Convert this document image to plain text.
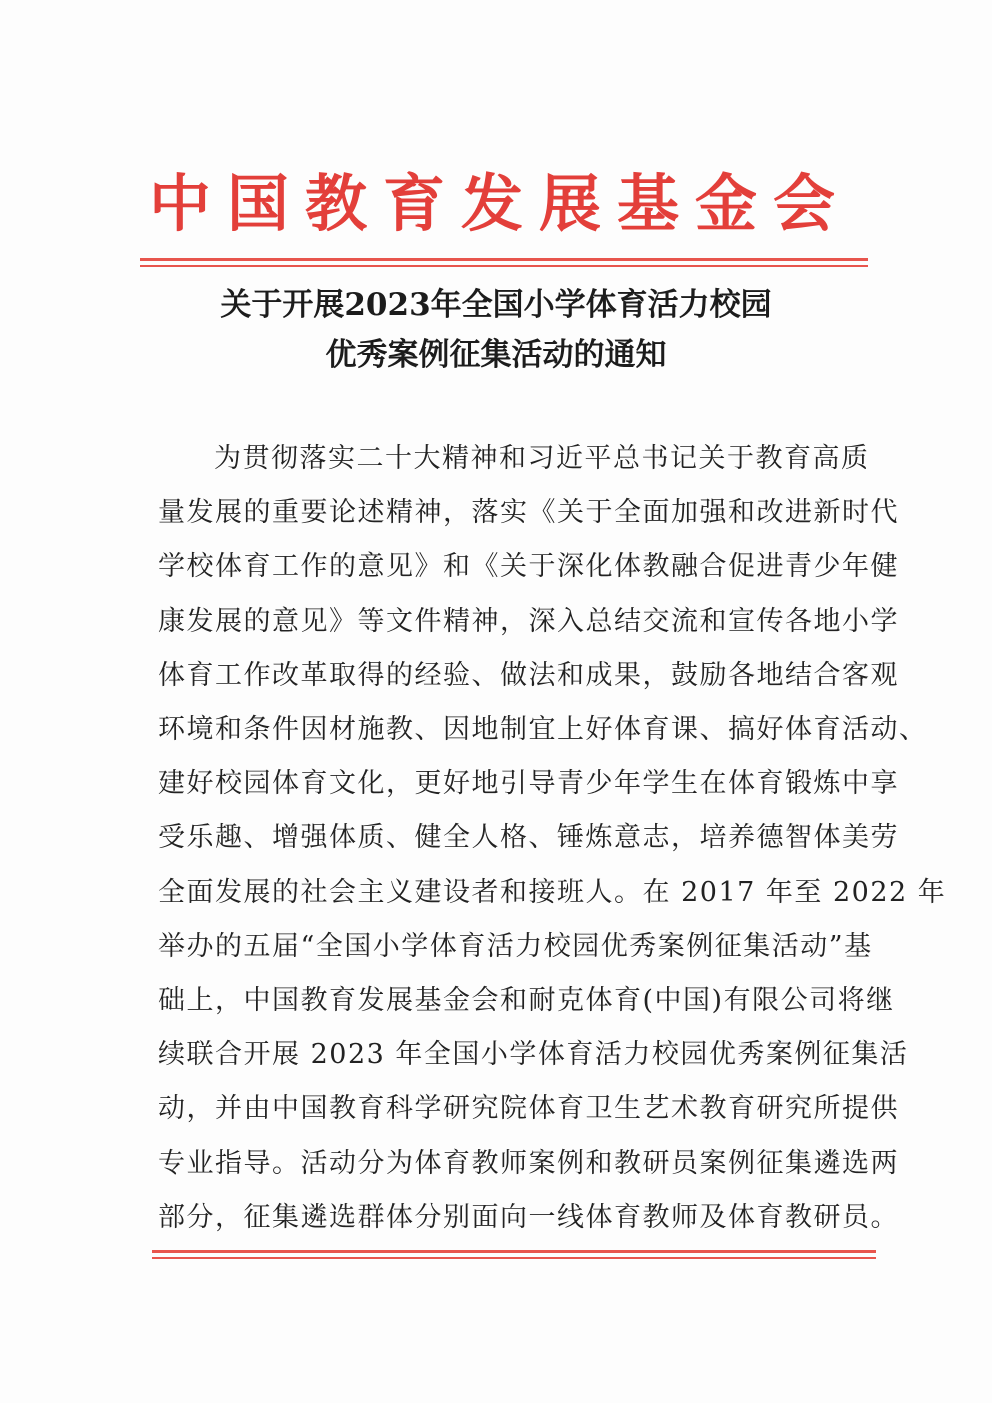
中国教育发展基金会
关于开展2023年全国小学体育活力校园
优秀案例征集活动的通知
为贯彻落实二十大精神和习近平总书记关于教育高质
量发展的重要论述精神，落实《关于全面加强和改进新时代
学校体育工作的意见》和《关于深化体教融合促进青少年健
康发展的意见》等文件精神，深入总结交流和宣传各地小学
体育工作改革取得的经验、做法和成果，鼓励各地结合客观
环境和条件因材施教、因地制宜上好体育课、搞好体育活动、
建好校园体育文化，更好地引导青少年学生在体育锻炼中享
受乐趣、增强体质、健全人格、锤炼意志，培养德智体美劳
全面发展的社会主义建设者和接班人。在 2017 年至 2022 年
举办的五届“全国小学体育活力校园优秀案例征集活动”基
础上，中国教育发展基金会和耐克体育(中国)有限公司将继
续联合开展 2023 年全国小学体育活力校园优秀案例征集活
动，并由中国教育科学研究院体育卫生艺术教育研究所提供
专业指导。活动分为体育教师案例和教研员案例征集遴选两
部分，征集遴选群体分别面向一线体育教师及体育教研员。
